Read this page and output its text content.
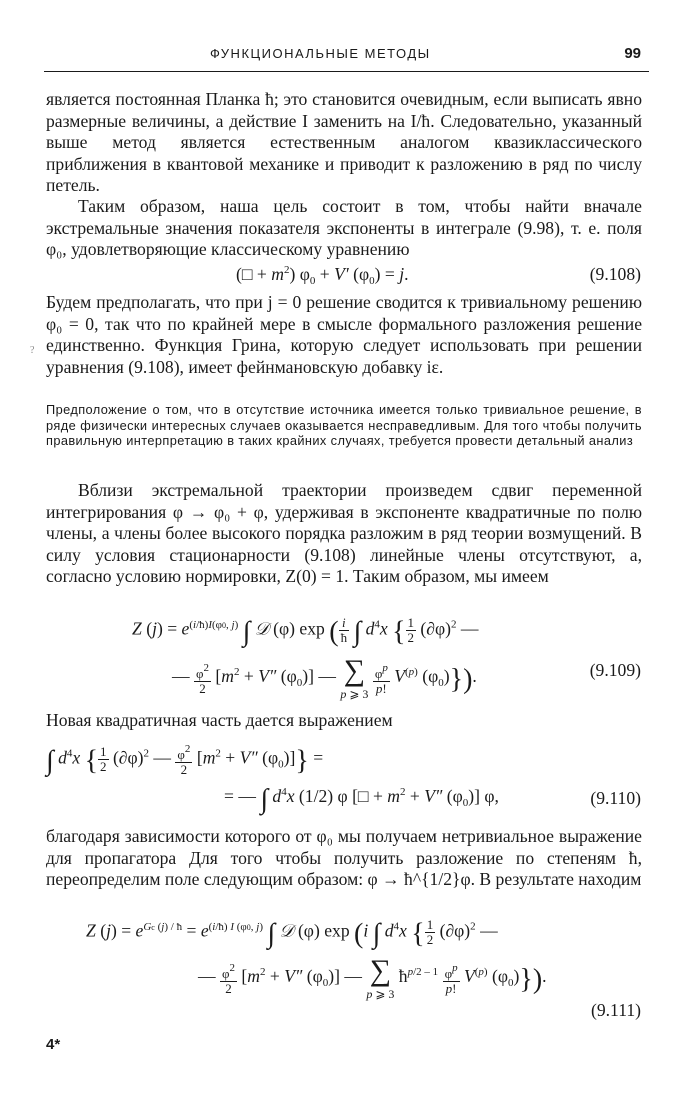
ФУНКЦИОНАЛЬНЫЕ МЕТОДЫ	99

является постоянная Планка ħ; это становится очевидным, если выписать явно размерные величины, а действие I заменить на I/ħ. Следовательно, указанный выше метод является естественным аналогом квазиклассического приближения в квантовой механике и приводит к разложению в ряд по числу петель.

Таким образом, наша цель состоит в том, чтобы найти вначале экстремальные значения показателя экспоненты в интеграле (9.98), т. е. поля φ₀, удовлетворяющие классическому уравнению

(□ + $m^2$) $\varphi_0 + V'$ $(\varphi_0) = j$.	(9.108)

Будем предполагать, что при j = 0 решение сводится к тривиальному решению φ₀ = 0, так что по крайней мере в смысле формального разложения решение единственно. Функция Грина, которую следует использовать при решении уравнения (9.108), имеет фейнмановскую добавку iε.

?

Предположение о том, что в отсутствие источника имеется только тривиальное решение, в ряде физически интересных случаев оказывается несправедливым. Для того чтобы получить правильную интерпретацию в таких крайних случаях, требуется провести детальный анализ

Вблизи экстремальной траектории произведем сдвиг переменной интегрирования φ → φ₀ + φ, удерживая в экспоненте квадратичные по полю члены, а члены более высокого порядка разложим в ряд теории возмущений. В силу условия стационарности (9.108) линейные члены отсутствуют, а, согласно условию нормировки, Z(0) = 1. Таким образом, мы имеем

Z $(j) = e^{(i/ħ)I(\varphi 0, j)}$ ∫ 𝒟 (φ) exp ( $\frac{i}{ħ}$ ∫ $d^4x$ { $\frac{1}{2} (\partial\varphi)^2$ —
— $\frac{\varphi^2}{2} [m^2 + V''$ $(\varphi_0)$] — ∑
p ⩾ 3
$\frac{\varphi^p}{p!} V^{(p)}$ $(\varphi_0)$}).	(9.109)

Новая квадратичная часть дается выражением

∫ $d^4x$ { $\frac{1}{2} (\partial\varphi)^2$ — $\frac{\varphi^2}{2} [m^2 + V''$ $(\varphi_0)$]} =
= — ∫ $d^4x$ (1/2) φ [□ + $m^2 + V''$ $(\varphi_0)$] φ,	(9.110)

благодаря зависимости которого от φ₀ мы получаем нетривиальное выражение для пропагатора Для того чтобы получить разложение по степеням ħ, переопределим поле следующим образом: φ → ħ^{1/2}φ. В результате находим

Z $(j) = e^{Gc (j) / ħ} = e^{(i/ħ) I (\varphi 0, j)}$ ∫ 𝒟 (φ) exp (i ∫ $d^4x$ { $\frac{1}{2} (\partial\varphi)^2$ —
— $\frac{\varphi^2}{2} [m^2 + V''$ $(\varphi_0)$] — ∑
p ⩾ 3
$ħ^{p/2 - 1} \frac{\varphi^p}{p!} V^{(p)}$ $(\varphi_0)$}).
(9.111)
4*
